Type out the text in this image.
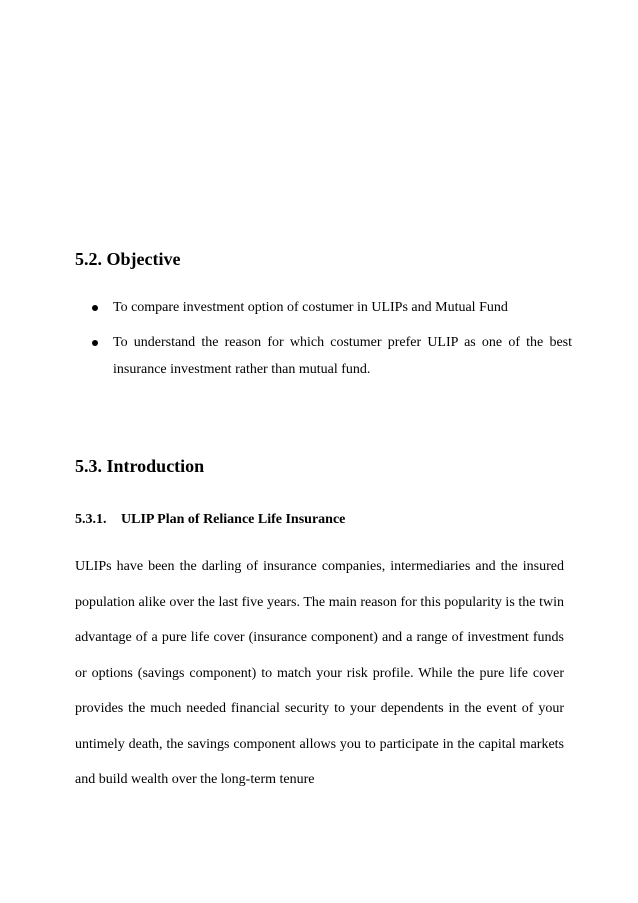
5.2. Objective
To compare investment option of costumer in ULIPs and Mutual Fund
To understand the reason for which costumer prefer ULIP as one of the best insurance investment rather than mutual fund.
5.3. Introduction
5.3.1. ULIP Plan of Reliance Life Insurance

ULIPs have been the darling of insurance companies, intermediaries and the insured population alike over the last five years. The main reason for this popularity is the twin advantage of a pure life cover (insurance component) and a range of investment funds or options (savings component) to match your risk profile. While the pure life cover provides the much needed financial security to your dependents in the event of your untimely death, the savings component allows you to participate in the capital markets and build wealth over the long-term tenure
